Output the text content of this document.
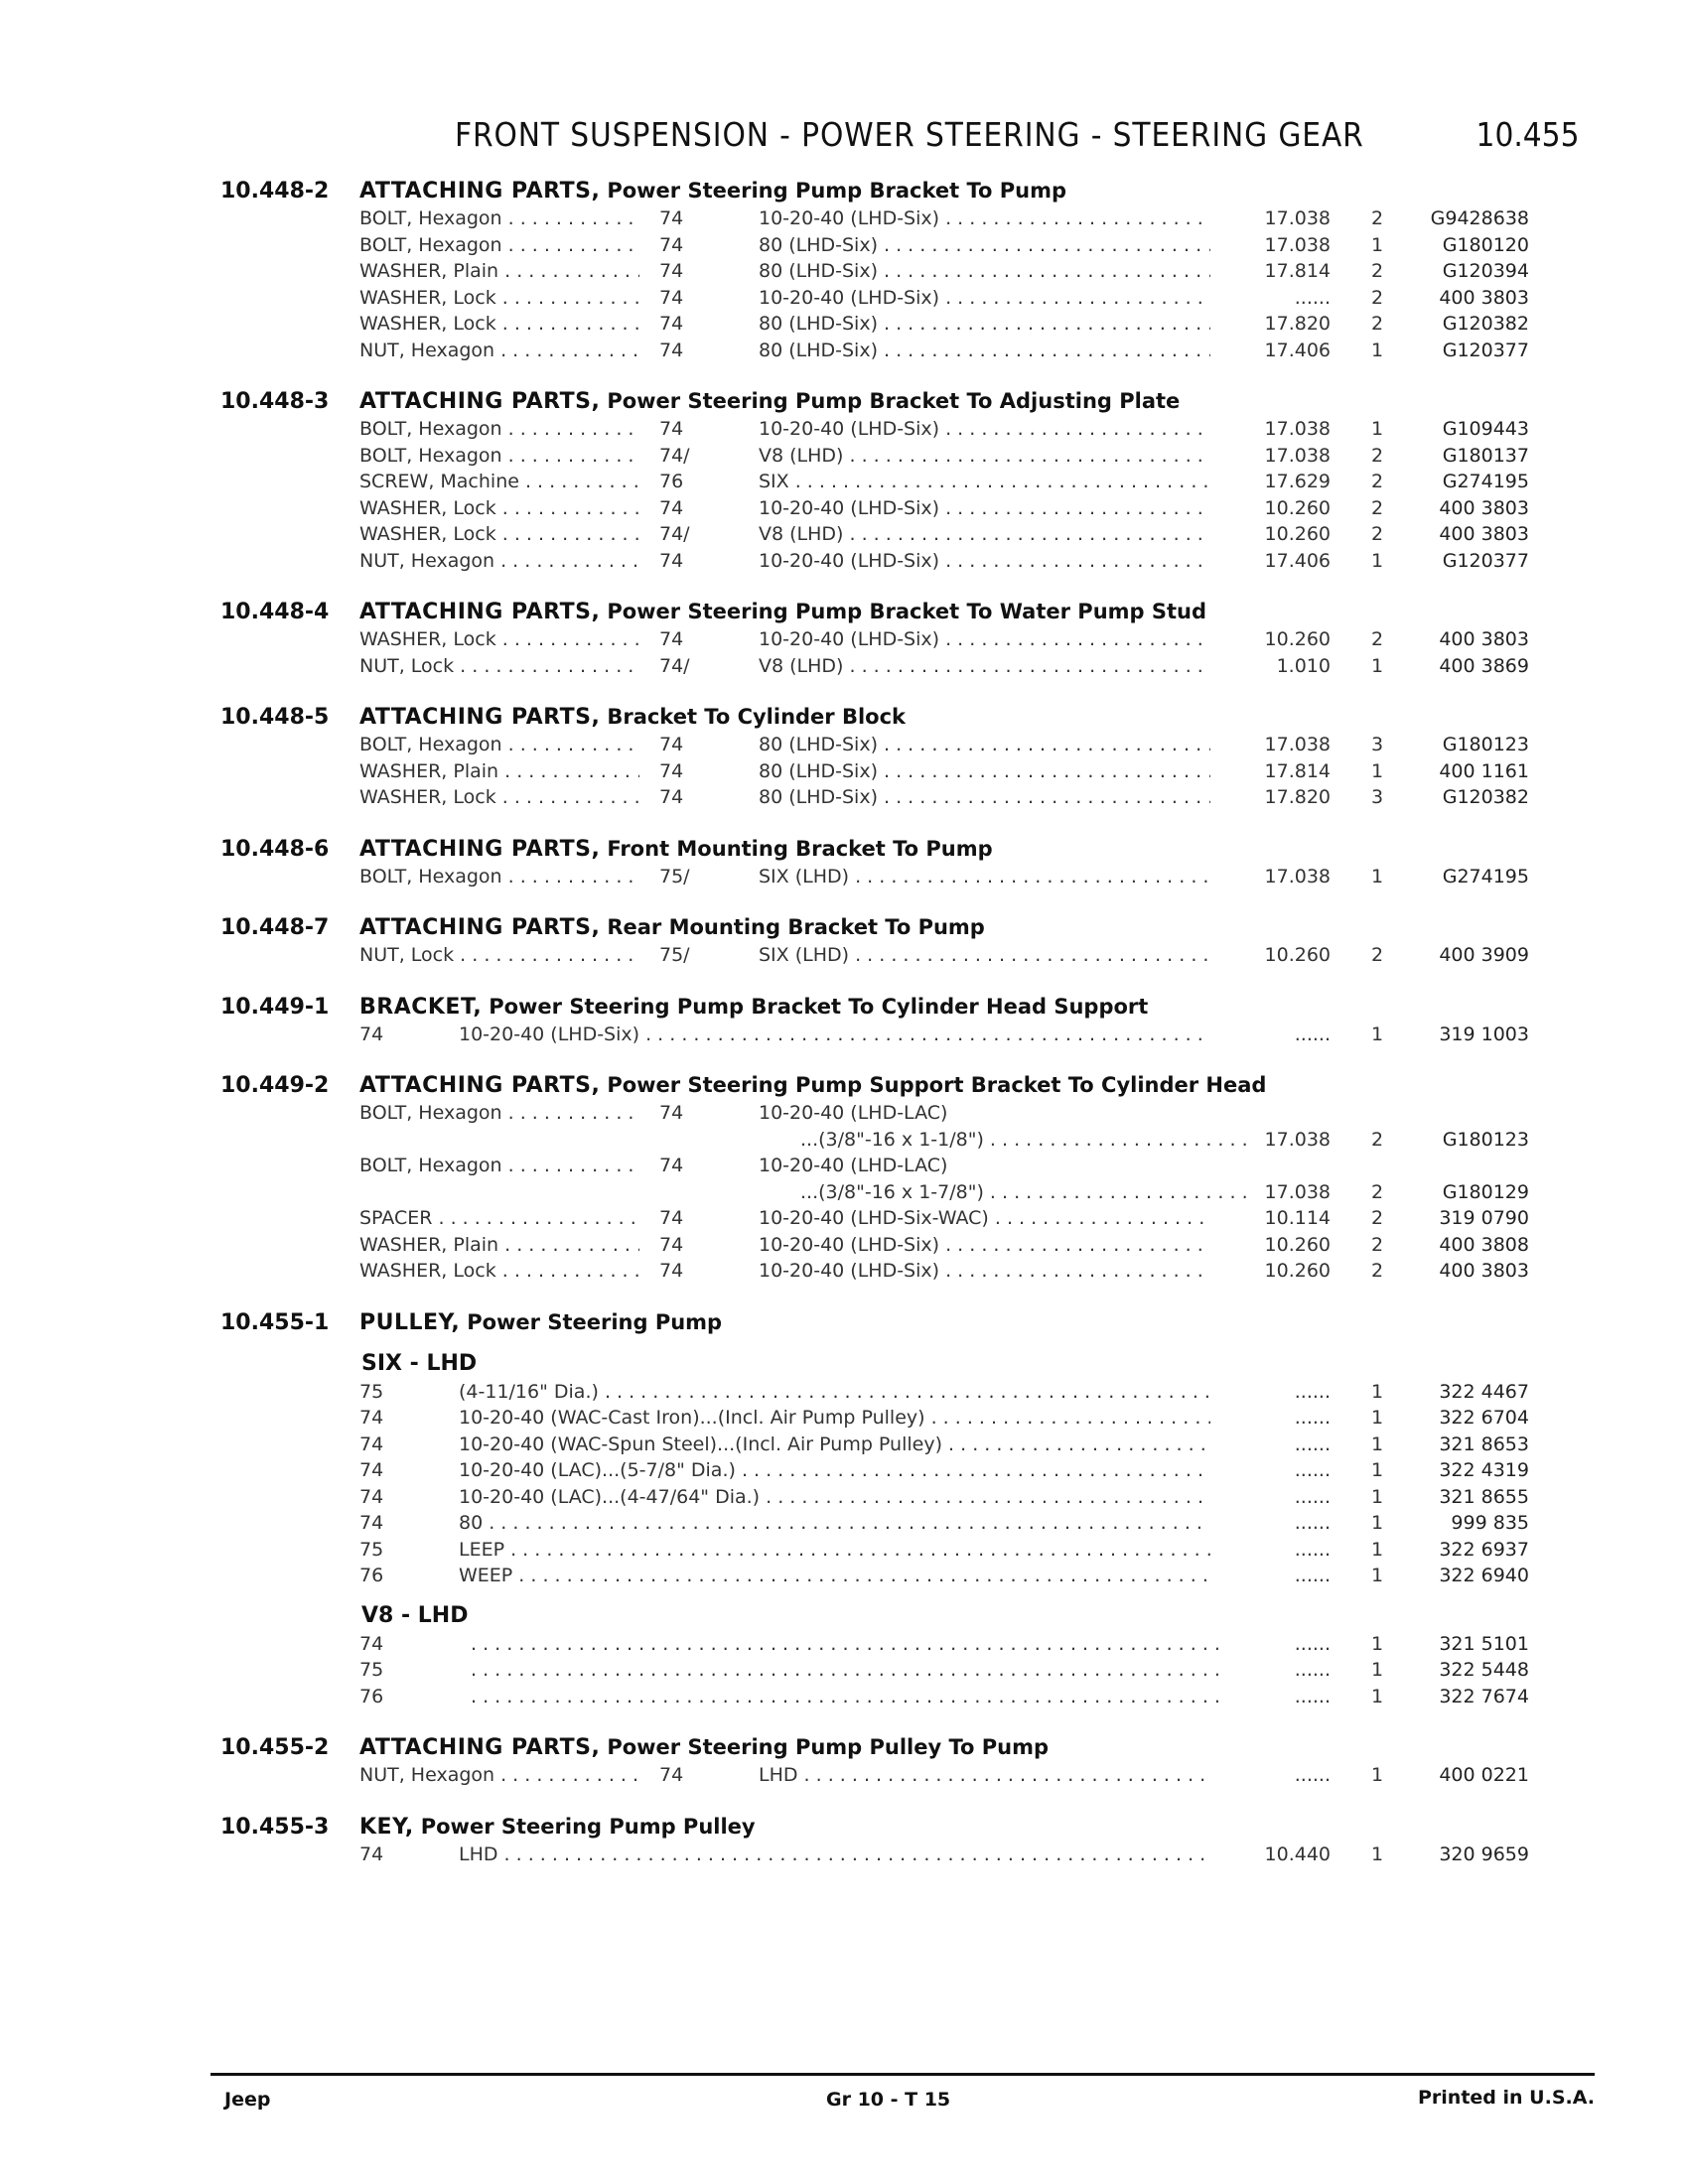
FRONT SUSPENSION - POWER STEERING - STEERING GEAR	10.455
10.448-2 ATTACHING PARTS, Power Steering Pump Bracket To Pump
BOLT, Hexagon . . .	74	10-20-40 (LHD-Six) . . .	17.038	2	G9428638
BOLT, Hexagon . . .	74	80 (LHD-Six) . . .	17.038	1	G180120
WASHER, Plain . . .	74	80 (LHD-Six) . . .	17.814	2	G120394
WASHER, Lock . . .	74	10-20-40 (LHD-Six) . . .	......	2	400 3803
WASHER, Lock . . .	74	80 (LHD-Six) . . .	17.820	2	G120382
NUT, Hexagon . . .	74	80 (LHD-Six) . . .	17.406	1	G120377
10.448-3 ATTACHING PARTS, Power Steering Pump Bracket To Adjusting Plate
BOLT, Hexagon . . .	74	10-20-40 (LHD-Six) . . .	17.038	1	G109443
BOLT, Hexagon . . .	74/	V8 (LHD) . . .	17.038	2	G180137
SCREW, Machine . . .	76	SIX . . .	17.629	2	G274195
WASHER, Lock . . .	74	10-20-40 (LHD-Six) . . .	10.260	2	400 3803
WASHER, Lock . . .	74/	V8 (LHD) . . .	10.260	2	400 3803
NUT, Hexagon . . .	74	10-20-40 (LHD-Six) . . .	17.406	1	G120377
10.448-4 ATTACHING PARTS, Power Steering Pump Bracket To Water Pump Stud
WASHER, Lock . . .	74	10-20-40 (LHD-Six) . . .	10.260	2	400 3803
NUT, Lock . . .	74/	V8 (LHD) . . .	1.010	1	400 3869
10.448-5 ATTACHING PARTS, Bracket To Cylinder Block
BOLT, Hexagon . . .	74	80 (LHD-Six) . . .	17.038	3	G180123
WASHER, Plain . . .	74	80 (LHD-Six) . . .	17.814	1	400 1161
WASHER, Lock . . .	74	80 (LHD-Six) . . .	17.820	3	G120382
10.448-6 ATTACHING PARTS, Front Mounting Bracket To Pump
BOLT, Hexagon . . .	75/	SIX (LHD) . . .	17.038	1	G274195
10.448-7 ATTACHING PARTS, Rear Mounting Bracket To Pump
NUT, Lock . . .	75/	SIX (LHD) . . .	10.260	2	400 3909
10.449-1 BRACKET, Power Steering Pump Bracket To Cylinder Head Support
74	10-20-40 (LHD-Six) . . .	......	1	319 1003
10.449-2 ATTACHING PARTS, Power Steering Pump Support Bracket To Cylinder Head
BOLT, Hexagon . . .	74	10-20-40 (LHD-LAC)
...(3/8"-16 x 1-1/8") . . .	17.038	2	G180123
BOLT, Hexagon . . .	74	10-20-40 (LHD-LAC)
...(3/8"-16 x 1-7/8") . . .	17.038	2	G180129
SPACER . . .	74	10-20-40 (LHD-Six-WAC) . . .	10.114	2	319 0790
WASHER, Plain . . .	74	10-20-40 (LHD-Six) . . .	10.260	2	400 3808
WASHER, Lock . . .	74	10-20-40 (LHD-Six) . . .	10.260	2	400 3803
10.455-1 PULLEY, Power Steering Pump
SIX - LHD
75	(4-11/16" Dia.) . . .	......	1	322 4467
74	10-20-40 (WAC-Cast Iron)...(Incl. Air Pump Pulley) . . .	......	1	322 6704
74	10-20-40 (WAC-Spun Steel)...(Incl. Air Pump Pulley) . . .	......	1	321 8653
74	10-20-40 (LAC)...(5-7/8" Dia.) . . .	......	1	322 4319
74	10-20-40 (LAC)...(4-47/64" Dia.) . . .	......	1	321 8655
74	80 . . .	......	1	999 835
75	LEEP . . .	......	1	322 6937
76	WEEP . . .	......	1	322 6940
V8 - LHD
74 . . .	......	1	321 5101
75 . . .	......	1	322 5448
76 . . .	......	1	322 7674
10.455-2 ATTACHING PARTS, Power Steering Pump Pulley To Pump
NUT, Hexagon . . .	74	LHD . . .	......	1	400 0221
10.455-3 KEY, Power Steering Pump Pulley
74	LHD . . .	10.440	1	320 9659
Jeep	Gr 10 - T 15	Printed in U.S.A.
